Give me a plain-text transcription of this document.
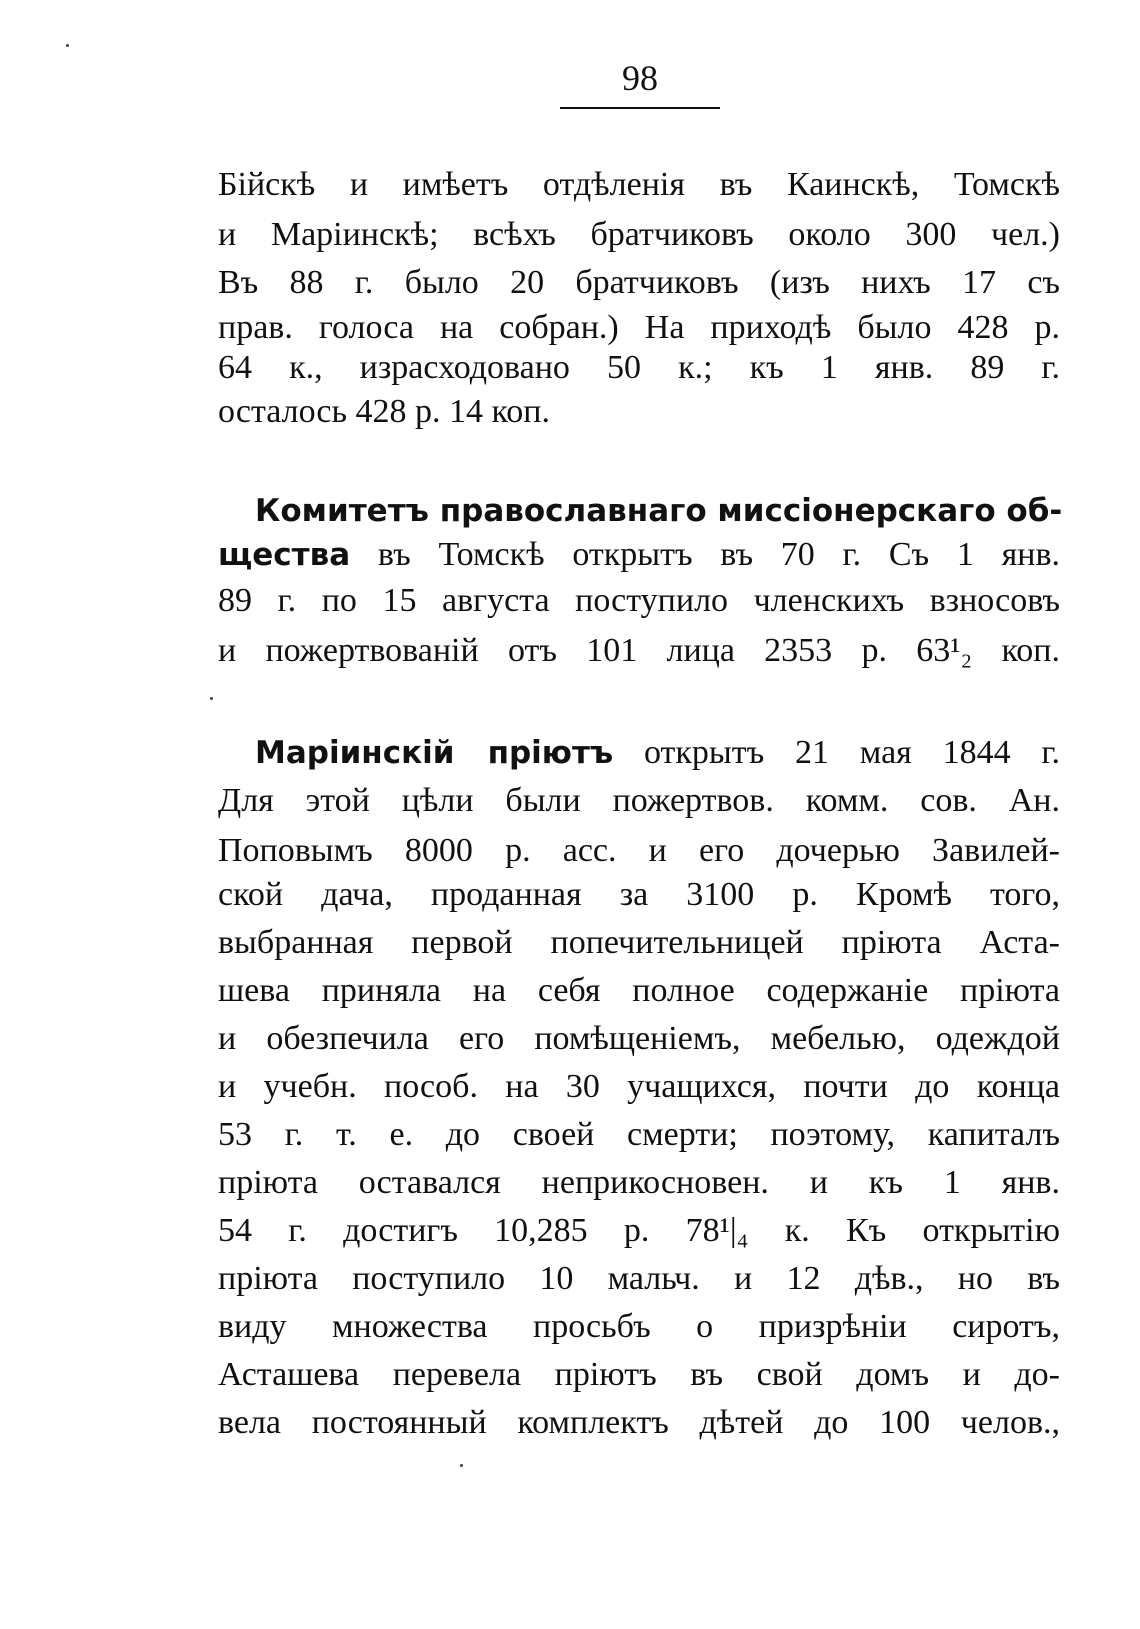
98
Бійскѣ и имѣетъ отдѣленія въ Каинскѣ, Томскѣ
и Маріинскѣ; всѣхъ братчиковъ около 300 чел.)
Въ 88 г. было 20 братчиковъ (изъ нихъ 17 съ
прав. голоса на собран.) На приходѣ было 428 р.
64 к., израсходовано 50 к.; къ 1 янв. 89 г.
осталось 428 р. 14 коп.
Комитетъ православнаго миссіонерскаго об-
щества въ Томскѣ открытъ въ 70 г. Съ 1 янв.
89 г. по 15 августа поступило членскихъ взносовъ
и пожертвованій отъ 101 лица 2353 р. 63¹₂ коп.
Маріинскій пріютъ открытъ 21 мая 1844 г.
Для этой цѣли были пожертвов. комм. сов. Ан.
Поповымъ 8000 р. асс. и его дочерью Завилей-
ской дача, проданная за 3100 р. Кромѣ того,
выбранная первой попечительницей пріюта Аста-
шева приняла на себя полное содержаніе пріюта
и обезпечила его помѣщеніемъ, мебелью, одеждой
и учебн. пособ. на 30 учащихся, почти до конца
53 г. т. е. до своей смерти; поэтому, капиталъ
пріюта оставался неприкосновен. и къ 1 янв.
54 г. достигъ 10,285 р. 78¹|₄ к. Къ открытію
пріюта поступило 10 мальч. и 12 дѣв., но въ
виду множества просьбъ о призрѣніи сиротъ,
Асташева перевела пріютъ въ свой домъ и до-
вела постоянный комплектъ дѣтей до 100 челов.,
